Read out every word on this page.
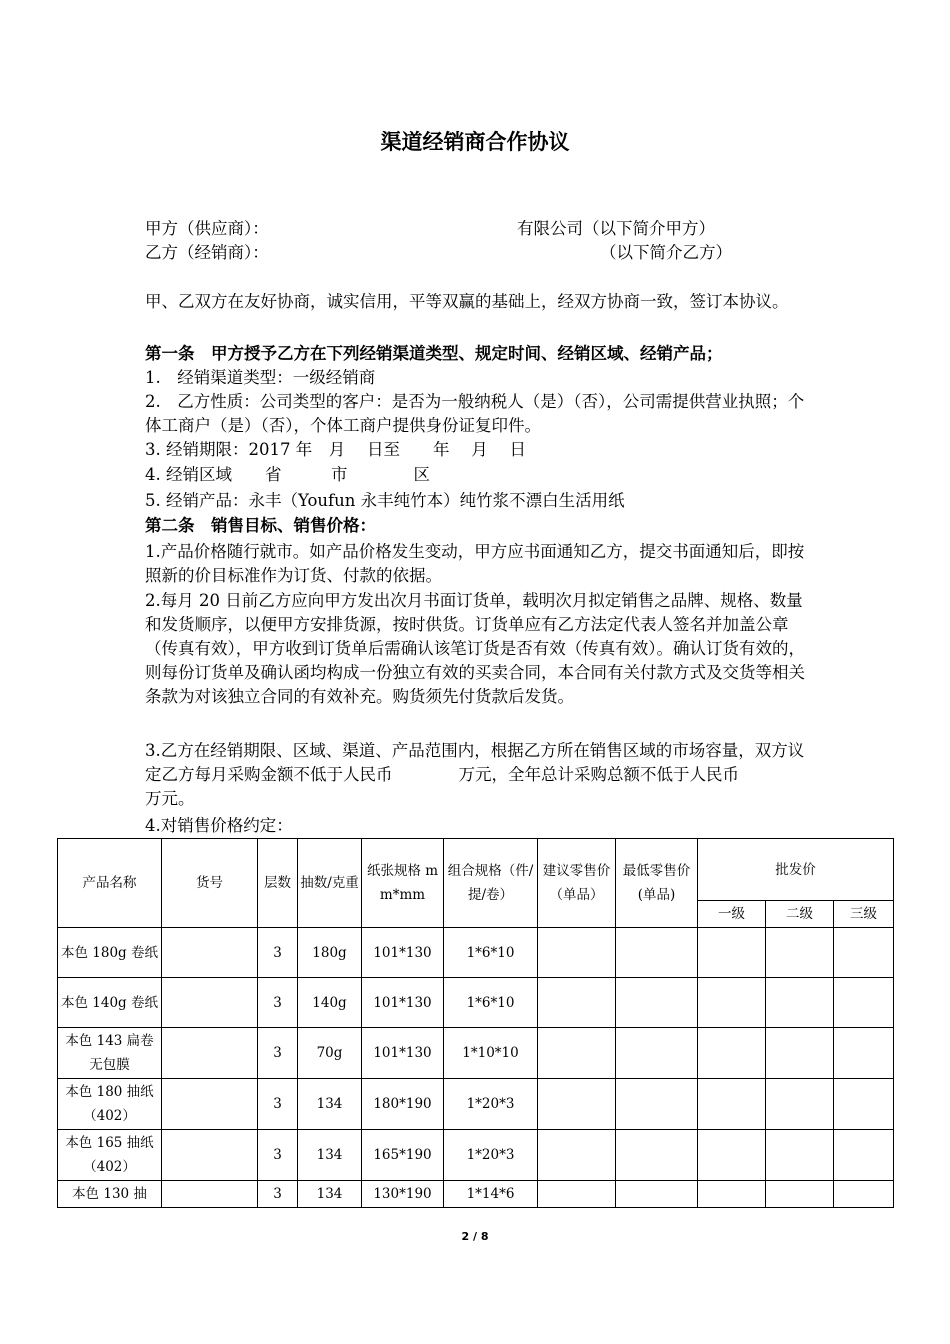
渠道经销商合作协议
甲方（供应商）：	有限公司（以下简介甲方）
乙方（经销商）：	（以下简介乙方）
甲、乙双方在友好协商，诚实信用，平等双赢的基础上，经双方协商一致，签订本协议。
第一条　甲方授予乙方在下列经销渠道类型、规定时间、经销区域、经销产品；
1.　经销渠道类型：一级经销商
2.　乙方性质：公司类型的客户：是否为一般纳税人（是）（否），公司需提供营业执照；个体工商户（是）（否），个体工商户提供身份证复印件。
3. 经销期限：2017 年　月　 日至　　年　 月　 日
4. 经销区域　　省　　　市　　　　区
5. 经销产品：永丰（Youfun 永丰纯竹本）纯竹浆不漂白生活用纸
第二条　销售目标、销售价格：
1.产品价格随行就市。如产品价格发生变动，甲方应书面通知乙方，提交书面通知后，即按照新的价目标准作为订货、付款的依据。
2.每月 20 日前乙方应向甲方发出次月书面订货单，载明次月拟定销售之品牌、规格、数量和发货顺序，以便甲方安排货源，按时供货。订货单应有乙方法定代表人签名并加盖公章（传真有效），甲方收到订货单后需确认该笔订货是否有效（传真有效）。确认订货有效的，则每份订货单及确认函均构成一份独立有效的买卖合同，本合同有关付款方式及交货等相关条款为对该独立合同的有效补充。购货须先付货款后发货。
3.乙方在经销期限、区域、渠道、产品范围内，根据乙方所在销售区域的市场容量，双方议定乙方每月采购金额不低于人民币　　　　万元，全年总计采购总额不低于人民币　　　　　　万元。
4.对销售价格约定：
产品名称	货号	层数	抽数/克重	纸张规格 mm*mm	组合规格（件/提/卷）	建议零售价（单品）	最低零售价(单品)	批发价		
								一级	二级	三级
本色 180g 卷纸		3	180g	101*130	1*6*10					
本色 140g 卷纸		3	140g	101*130	1*6*10					
本色 143 扁卷无包膜		3	70g	101*130	1*10*10					
本色 180 抽纸（402）		3	134	180*190	1*20*3					
本色 165 抽纸（402）		3	134	165*190	1*20*3					
本色 130 抽		3	134	130*190	1*14*6					
2 / 8
